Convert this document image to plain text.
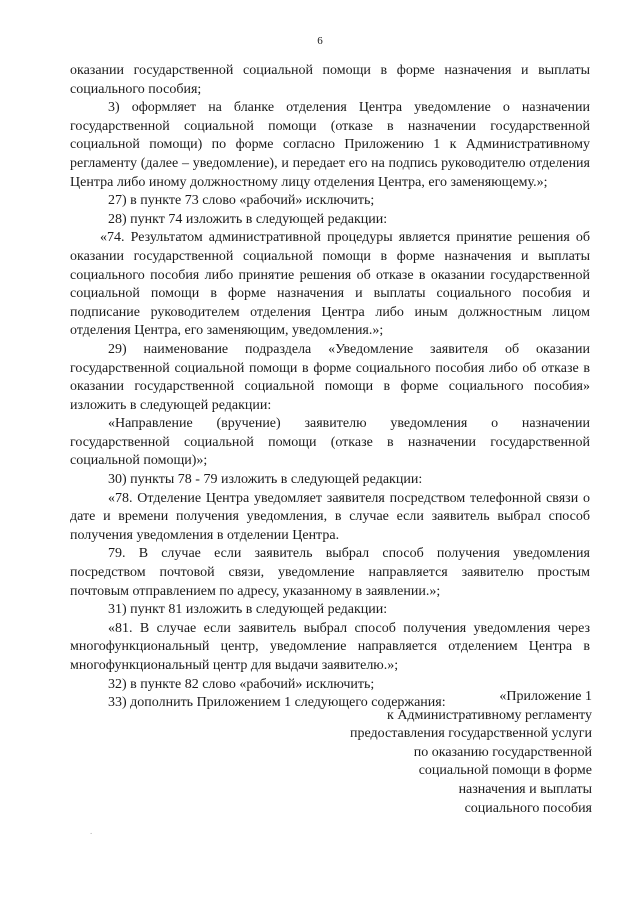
6

оказании государственной социальной помощи в форме назначения и выплаты социального пособия;

3) оформляет на бланке отделения Центра уведомление о назначении государственной социальной помощи (отказе в назначении государственной социальной помощи) по форме согласно Приложению 1 к Административному регламенту (далее – уведомление), и передает его на подпись руководителю отделения Центра либо иному должностному лицу отделения Центра, его заменяющему.»;

27) в пункте 73 слово «рабочий» исключить;

28) пункт 74 изложить в следующей редакции:

«74. Результатом административной процедуры является принятие решения об оказании государственной социальной помощи в форме назначения и выплаты социального пособия либо принятие решения об отказе в оказании государственной социальной помощи в форме назначения и выплаты социального пособия и подписание руководителем отделения Центра либо иным должностным лицом отделения Центра, его заменяющим, уведомления.»;

29) наименование подраздела «Уведомление заявителя об оказании государственной социальной помощи в форме социального пособия либо об отказе в оказании государственной социальной помощи в форме социального пособия» изложить в следующей редакции:

«Направление (вручение) заявителю уведомления о назначении государственной социальной помощи (отказе в назначении государственной социальной помощи)»;

30) пункты 78 - 79 изложить в следующей редакции:

«78. Отделение Центра уведомляет заявителя посредством телефонной связи о дате и времени получения уведомления, в случае если заявитель выбрал способ получения уведомления в отделении Центра.

79. В случае если заявитель выбрал способ получения уведомления посредством почтовой связи, уведомление направляется заявителю простым почтовым отправлением по адресу, указанному в заявлении.»;

31) пункт 81 изложить в следующей редакции:

«81. В случае если заявитель выбрал способ получения уведомления через многофункциональный центр, уведомление направляется отделением Центра в многофункциональный центр для выдачи заявителю.»;

32) в пункте 82 слово «рабочий» исключить;

33) дополнить Приложением 1 следующего содержания:	«Приложение 1
к Административному регламенту
предоставления государственной услуги
по оказанию государственной
социальной помощи в форме
назначения и выплаты
социального пособия
.
